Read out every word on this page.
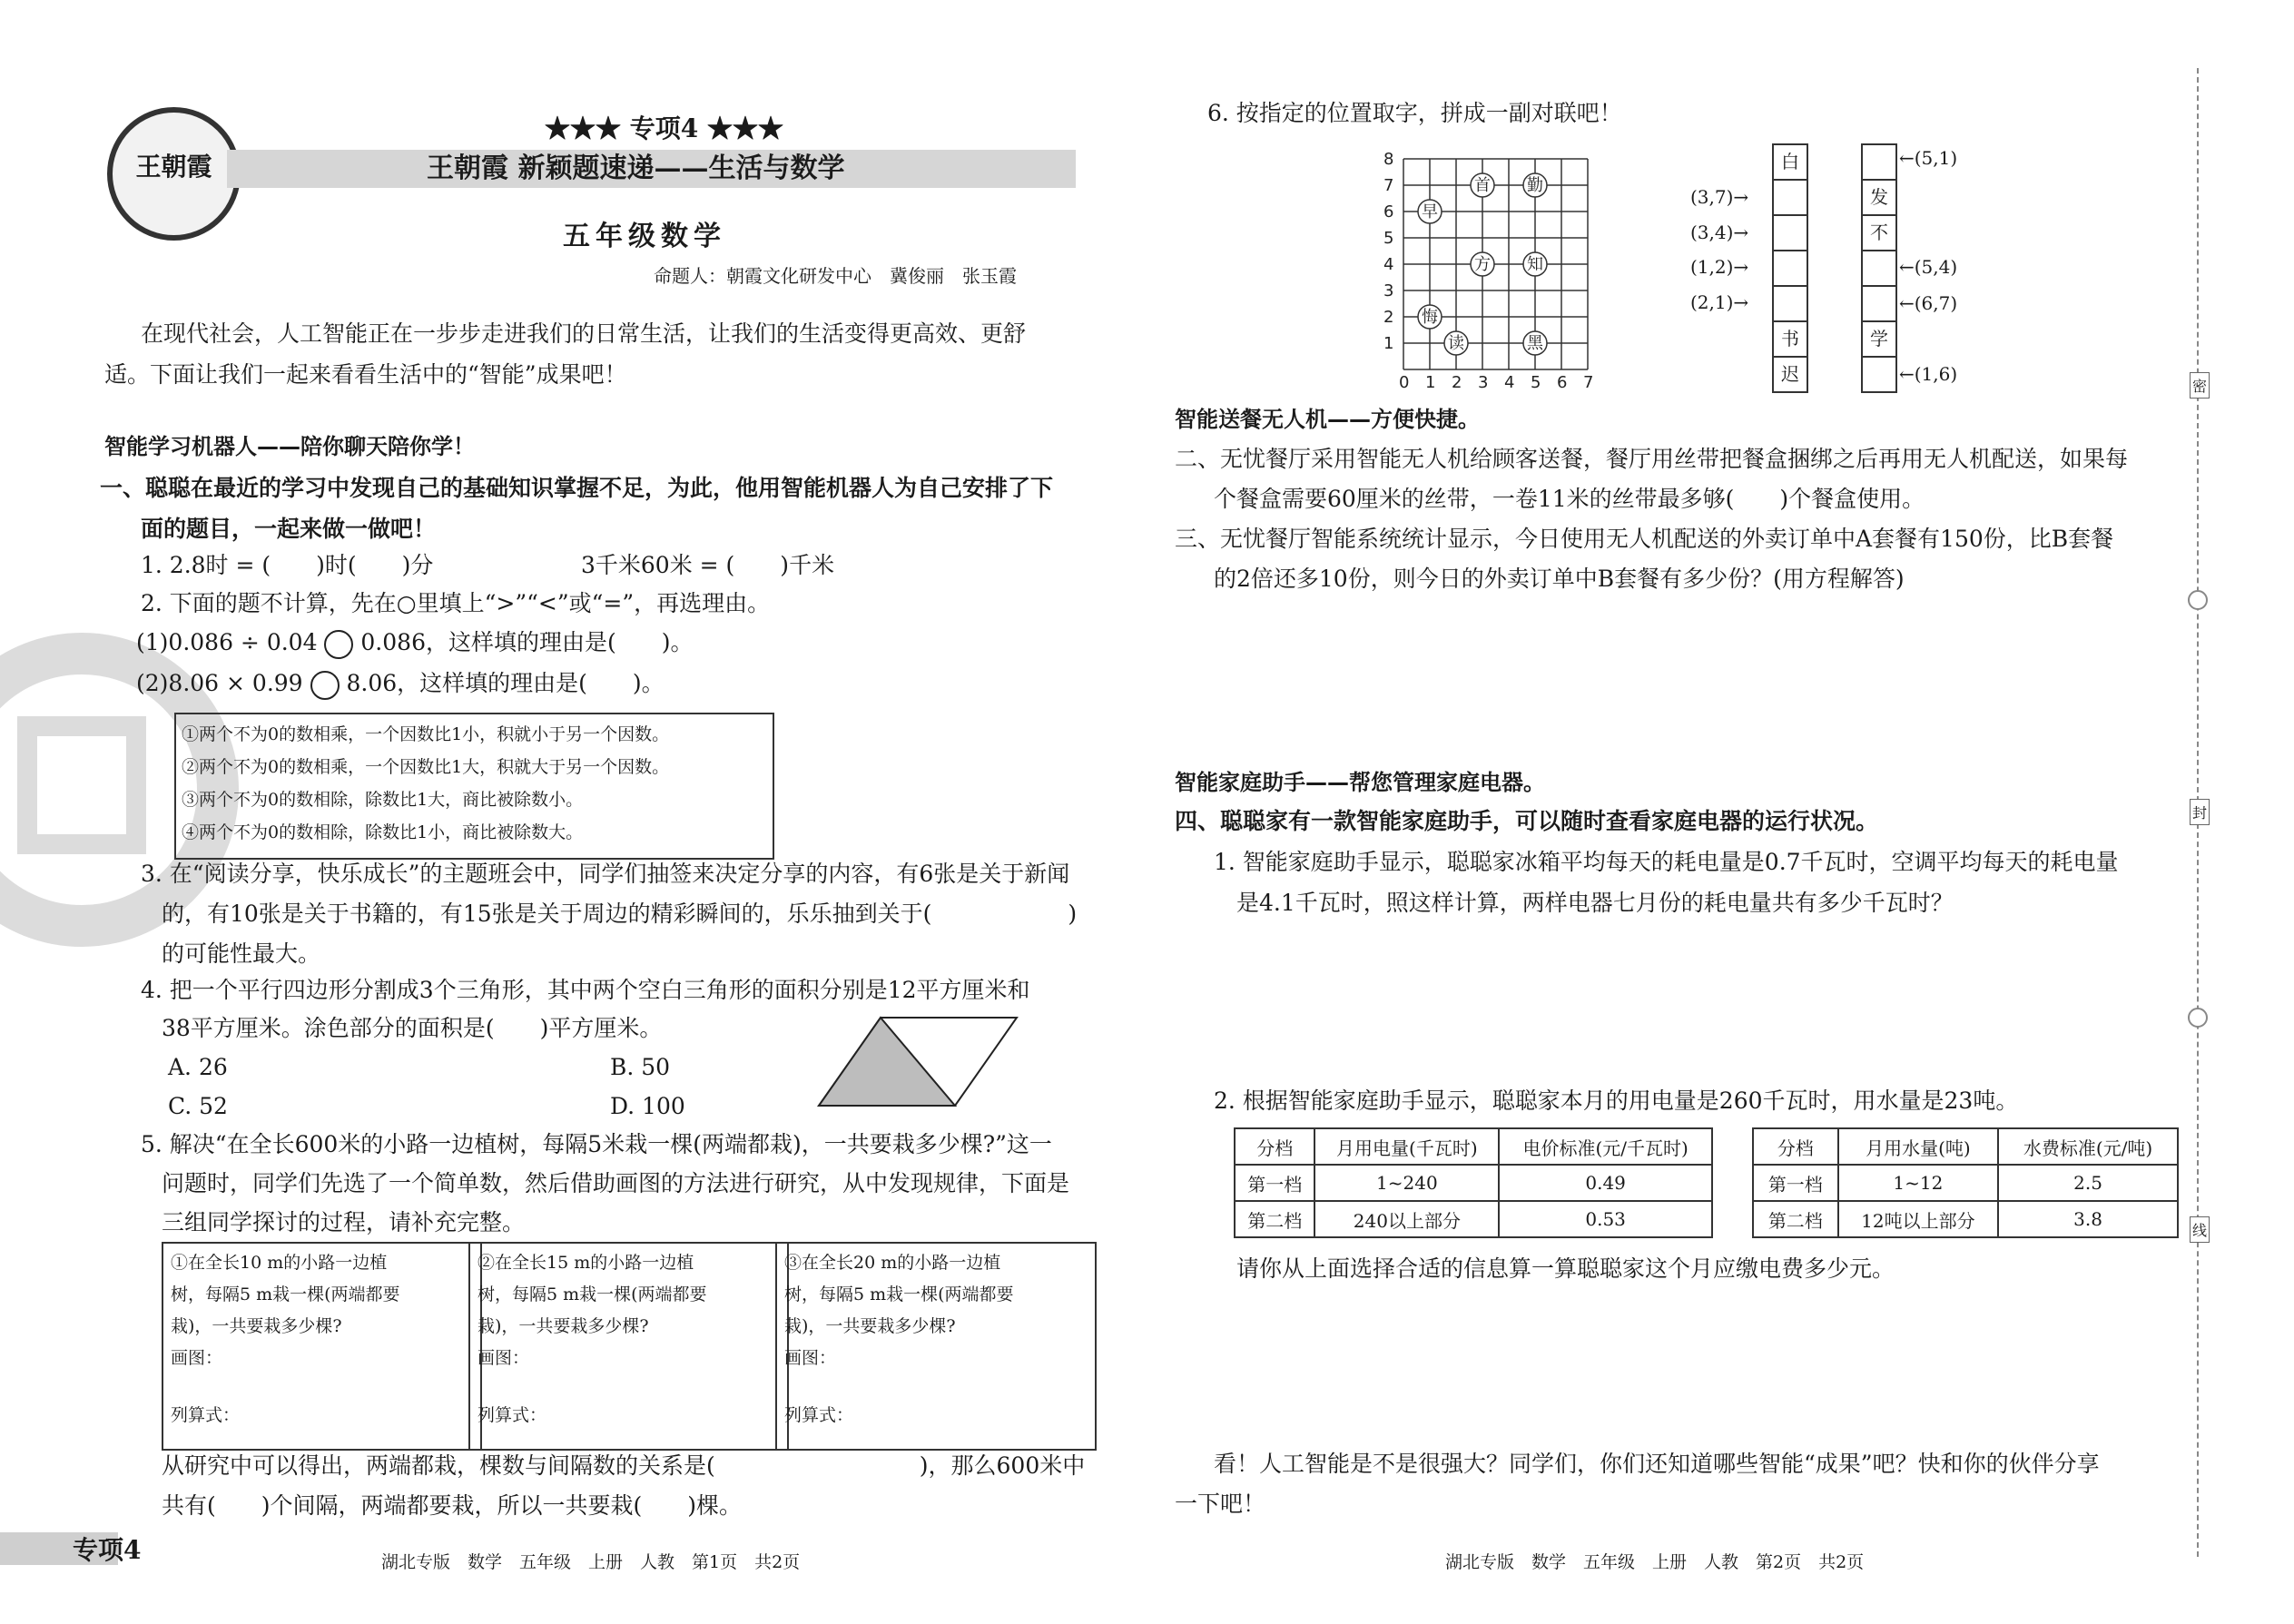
王朝霞
★★★ 专项4 ★★★
王朝霞 新颖题速递——生活与数学
五年级数学
命题人：朝霞文化研发中心　冀俊丽　张玉霞
在现代社会，人工智能正在一步步走进我们的日常生活，让我们的生活变得更高效、更舒
适。下面让我们一起来看看生活中的“智能”成果吧！
智能学习机器人——陪你聊天陪你学！
一、聪聪在最近的学习中发现自己的基础知识掌握不足，为此，他用智能机器人为自己安排了下
面的题目，一起来做一做吧！
1. 2.8时 = (　　)时(　　)分	3千米60米 = (　　)千米
2. 下面的题不计算，先在○里填上“>”“<”或“=”，再选理由。
(1)0.086 ÷ 0.04 0.086，这样填的理由是(　　)。
(2)8.06 × 0.99 8.06，这样填的理由是(　　)。
①两个不为0的数相乘，一个因数比1小，积就小于另一个因数。
②两个不为0的数相乘，一个因数比1大，积就大于另一个因数。
③两个不为0的数相除，除数比1大，商比被除数小。
④两个不为0的数相除，除数比1小，商比被除数大。
3. 在“阅读分享，快乐成长”的主题班会中，同学们抽签来决定分享的内容，有6张是关于新闻
的，有10张是关于书籍的，有15张是关于周边的精彩瞬间的，乐乐抽到关于(　　　　　　)
的可能性最大。
4. 把一个平行四边形分割成3个三角形，其中两个空白三角形的面积分别是12平方厘米和
38平方厘米。涂色部分的面积是(　　)平方厘米。
A. 26	B. 50
C. 52	D. 100
5. 解决“在全长600米的小路一边植树，每隔5米栽一棵(两端都栽)，一共要栽多少棵?”这一
问题时，同学们先选了一个简单数，然后借助画图的方法进行研究，从中发现规律，下面是
三组同学探讨的过程，请补充完整。
①在全长10 m的小路一边植
树，每隔5 m栽一棵(两端都要
栽)，一共要栽多少棵?
画图：
列算式：
②在全长15 m的小路一边植
树，每隔5 m栽一棵(两端都要
栽)，一共要栽多少棵?
画图：
列算式：
③在全长20 m的小路一边植
树，每隔5 m栽一棵(两端都要
栽)，一共要栽多少棵?
画图：
列算式：
从研究中可以得出，两端都栽，棵数与间隔数的关系是(　　　　　　　　　)，那么600米中
共有(　　)个间隔，两端都要栽，所以一共要栽(　　)棵。
专项4	湖北专版　数学　五年级　上册　人教　第1页　共2页
6. 按指定的位置取字，拼成一副对联吧！
0 1 2 3 4 5 6 7
8
7
6
5
4
3
2
1
早
首 勤
方 知
悔
读	黑
白
书
迟
(3,7)→
(3,4)→
(1,2)→
(2,1)→
发
不
学
←(5,1)
←(5,4)
←(6,7)
←(1,6)
智能送餐无人机——方便快捷。
二、无忧餐厅采用智能无人机给顾客送餐，餐厅用丝带把餐盒捆绑之后再用无人机配送，如果每
个餐盒需要60厘米的丝带，一卷11米的丝带最多够(　　)个餐盒使用。
三、无忧餐厅智能系统统计显示，今日使用无人机配送的外卖订单中A套餐有150份，比B套餐
的2倍还多10份，则今日的外卖订单中B套餐有多少份？(用方程解答)
智能家庭助手——帮您管理家庭电器。
四、聪聪家有一款智能家庭助手，可以随时查看家庭电器的运行状况。
1. 智能家庭助手显示，聪聪家冰箱平均每天的耗电量是0.7千瓦时，空调平均每天的耗电量
是4.1千瓦时，照这样计算，两样电器七月份的耗电量共有多少千瓦时？
2. 根据智能家庭助手显示，聪聪家本月的用电量是260千瓦时，用水量是23吨。
分档	月用电量(千瓦时)	电价标准(元/千瓦时)
第一档	1~240	0.49
第二档	240以上部分	0.53
分档	月用水量(吨)	水费标准(元/吨)
第一档	1~12	2.5
第二档	12吨以上部分	3.8
请你从上面选择合适的信息算一算聪聪家这个月应缴电费多少元。
看！人工智能是不是很强大？同学们，你们还知道哪些智能“成果”吧？快和你的伙伴分享
一下吧！
湖北专版　数学　五年级　上册　人教　第2页　共2页
密
封
线
